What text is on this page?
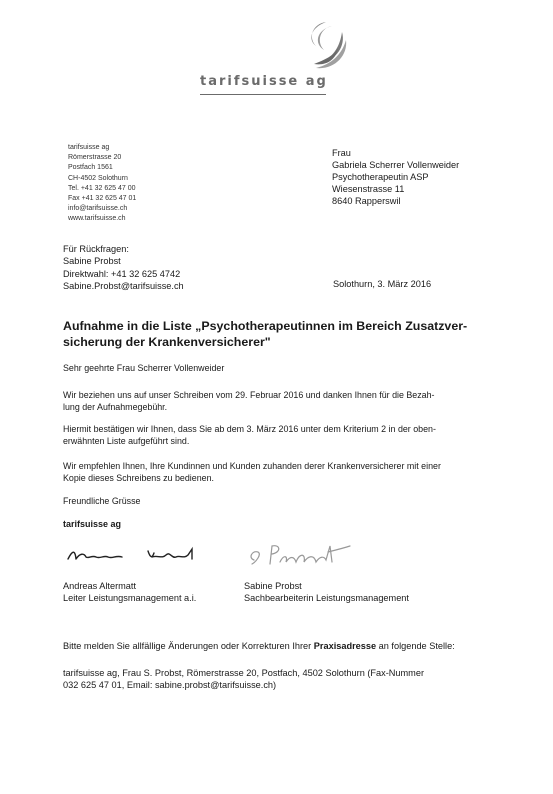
tarifsuisse ag
tarifsuisse ag
Römerstrasse 20
Postfach 1561
CH-4502 Solothurn
Tel. +41 32 625 47 00
Fax +41 32 625 47 01
info@tarifsuisse.ch
www.tarifsuisse.ch
Frau
Gabriela Scherrer Vollenweider
Psychotherapeutin ASP
Wiesenstrasse 11
8640 Rapperswil
Für Rückfragen:
Sabine Probst
Direktwahl: +41 32 625 4742
Sabine.Probst@tarifsuisse.ch	Solothurn, 3. März 2016
Aufnahme in die Liste „Psychotherapeutinnen im Bereich Zusatzver-
sicherung der Krankenversicherer"
Sehr geehrte Frau Scherrer Vollenweider
Wir beziehen uns auf unser Schreiben vom 29. Februar 2016 und danken Ihnen für die Bezah-
lung der Aufnahmegebühr.
Hiermit bestätigen wir Ihnen, dass Sie ab dem 3. März 2016 unter dem Kriterium 2 in der oben-
erwähnten Liste aufgeführt sind.
Wir empfehlen Ihnen, Ihre Kundinnen und Kunden zuhanden derer Krankenversicherer mit einer
Kopie dieses Schreibens zu bedienen.
Freundliche Grüsse
tarifsuisse ag
Andreas Altermatt
Leiter Leistungsmanagement a.i.
Sabine Probst
Sachbearbeiterin Leistungsmanagement
Bitte melden Sie allfällige Änderungen oder Korrekturen Ihrer Praxisadresse an folgende Stelle:
tarifsuisse ag, Frau S. Probst, Römerstrasse 20, Postfach, 4502 Solothurn (Fax-Nummer
032 625 47 01, Email: sabine.probst@tarifsuisse.ch)
